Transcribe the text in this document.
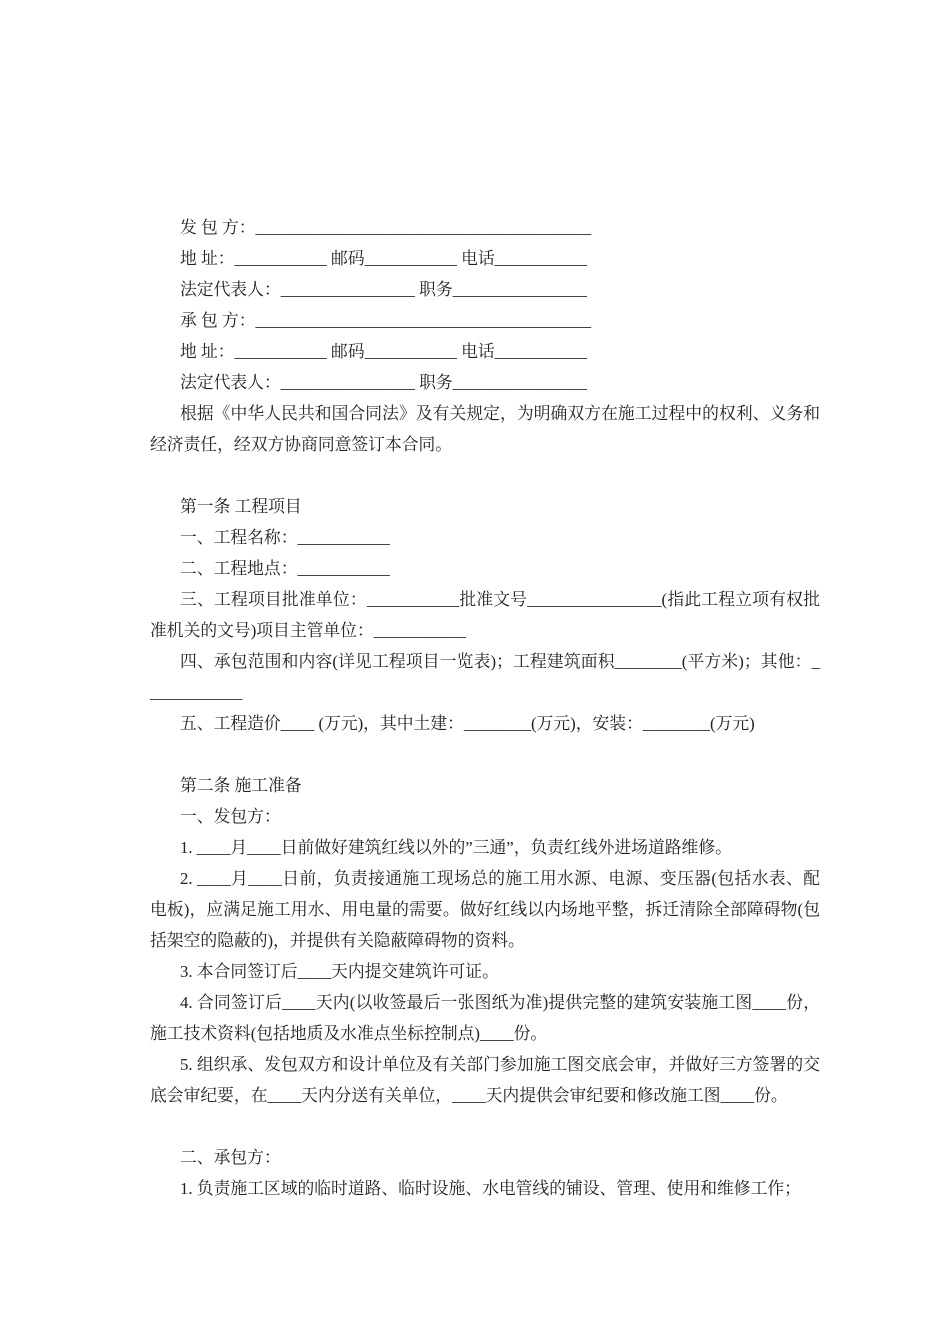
发 包 方：________________________________________

地 址：___________ 邮码___________ 电话___________

法定代表人：________________ 职务________________

承 包 方：________________________________________

地 址：___________ 邮码___________ 电话___________

法定代表人：________________ 职务________________

根据《中华人民共和国合同法》及有关规定，为明确双方在施工过程中的权利、义务和经济责任，经双方协商同意签订本合同。

第一条 工程项目

一、工程名称：___________

二、工程地点：___________

三、工程项目批准单位：___________批准文号________________(指此工程立项有权批准机关的文号)项目主管单位：___________

四、承包范围和内容(详见工程项目一览表)；工程建筑面积________(平方米)；其他：____________

五、工程造价____ (万元)，其中土建：________(万元)，安装：________(万元)

第二条 施工准备

一、发包方：

1. ____月____日前做好建筑红线以外的”三通”，负责红线外进场道路维修。

2. ____月____日前，负责接通施工现场总的施工用水源、电源、变压器(包括水表、配电板)，应满足施工用水、用电量的需要。做好红线以内场地平整，拆迁清除全部障碍物(包括架空的隐蔽的)，并提供有关隐蔽障碍物的资料。

3. 本合同签订后____天内提交建筑许可证。

4. 合同签订后____天内(以收签最后一张图纸为准)提供完整的建筑安装施工图____份，施工技术资料(包括地质及水准点坐标控制点)____份。

5. 组织承、发包双方和设计单位及有关部门参加施工图交底会审，并做好三方签署的交底会审纪要，在____天内分送有关单位，____天内提供会审纪要和修改施工图____份。

二、承包方：

1. 负责施工区域的临时道路、临时设施、水电管线的铺设、管理、使用和维修工作；
